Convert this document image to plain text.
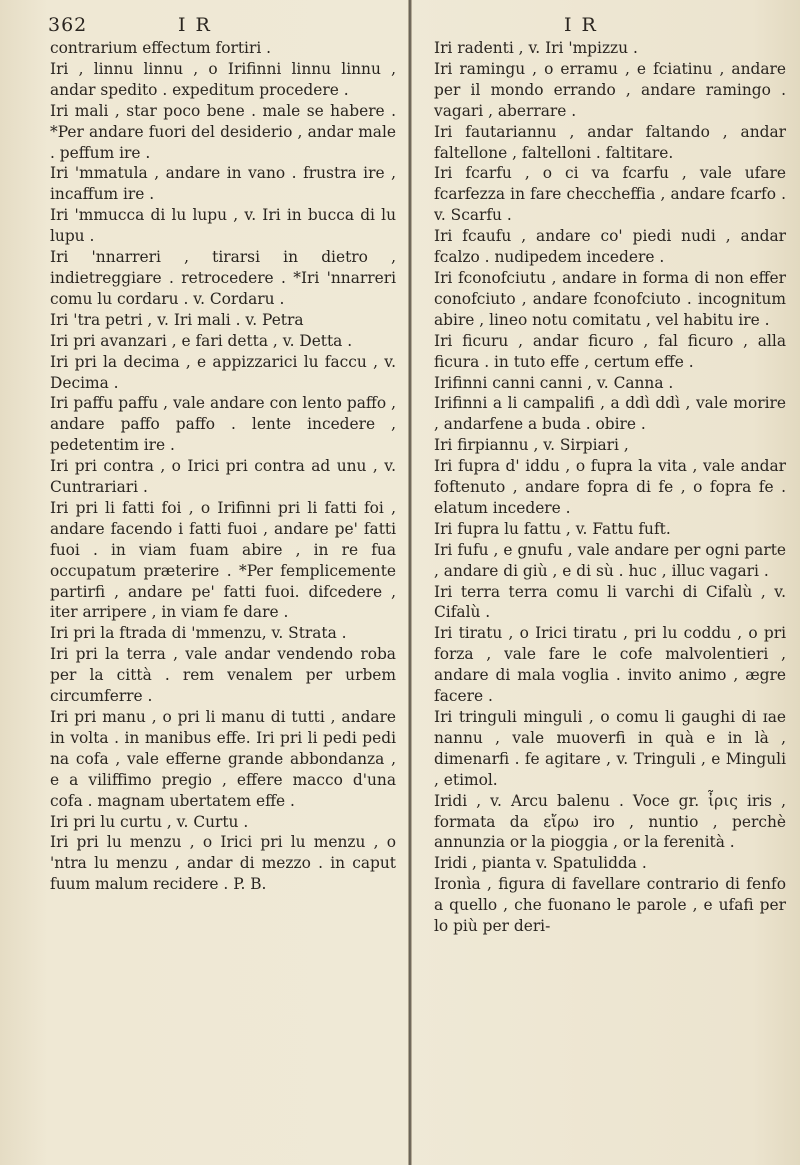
362	I R	I R

contrarium effectum fortiri .

Iri , linnu linnu , o Irifinni linnu linnu , andar spedito . expeditum procedere .

Iri mali , star poco bene . male se habere . *Per andare fuori del desiderio , andar male . peffum ire .

Iri 'mmatula , andare in vano . frustra ire , incaffum ire .

Iri 'mmucca di lu lupu , v. Iri in bucca di lu lupu .

Iri 'nnarreri , tirarsi in dietro , indietreggiare . retrocedere . *Iri 'nnarreri comu lu cordaru . v. Cordaru .

Iri 'tra petri , v. Iri mali . v. Petra

Iri pri avanzari , e fari detta , v. Detta .

Iri pri la decima , e appizzarici lu faccu , v. Decima .

Iri paffu paffu , vale andare con lento paffo , andare paffo paffo . lente incedere , pedetentim ire .

Iri pri contra , o Irici pri contra ad unu , v. Cuntrariari .

Iri pri li fatti foi , o Irifinni pri li fatti foi , andare facendo i fatti fuoi , andare pe' fatti fuoi . in viam fuam abire , in re fua occupatum præterire . *Per femplicemente partirfi , andare pe' fatti fuoi. difcedere , iter arripere , in viam fe dare .

Iri pri la ftrada di 'mmenzu, v. Strata .

Iri pri la terra , vale andar vendendo roba per la città . rem venalem per urbem circumferre .

Iri pri manu , o pri li manu di tutti , andare in volta . in manibus effe. Iri pri li pedi pedi na cofa , vale efferne grande abbondanza , e a viliffimo pregio , effere macco d'una cofa . magnam ubertatem effe .

Iri pri lu curtu , v. Curtu .

Iri pri lu menzu , o Irici pri lu menzu , o 'ntra lu menzu , andar di mezzo . in caput fuum malum recidere . P. B.

Iri radenti , v. Iri 'mpizzu .

Iri ramingu , o erramu , e fciatinu , andare per il mondo errando , andare ramingo . vagari , aberrare .

Iri fautariannu , andar faltando , andar faltellone , faltelloni . faltitare.

Iri fcarfu , o ci va fcarfu , vale ufare fcarfezza in fare checcheffia , andare fcarfo . v. Scarfu .

Iri fcaufu , andare co' piedi nudi , andar fcalzo . nudipedem incedere .

Iri fconofciutu , andare in forma di non effer conofciuto , andare fconofciuto . incognitum abire , lineo notu comitatu , vel habitu ire .

Iri ficuru , andar ficuro , fal ficuro , alla ficura . in tuto effe , certum effe .

Irifinni canni canni , v. Canna .

Irifinni a li campalifi , a ddì ddì , vale morire , andarfene a buda . obire .

Iri firpiannu , v. Sirpiari ,

Iri fupra d' iddu , o fupra la vita , vale andar foftenuto , andare fopra di fe , o fopra fe . elatum incedere .

Iri fupra lu fattu , v. Fattu fuft.

Iri fufu , e gnufu , vale andare per ogni parte , andare di giù , e di sù . huc , illuc vagari .

Iri terra terra comu li varchi di Cifalù , v. Cifalù .

Iri tiratu , o Irici tiratu , pri lu coddu , o pri forza , vale fare le cofe malvolentieri , andare di mala voglia . invito animo , ægre facere .

Iri tringuli minguli , o comu li gaughi di ɪae nannu , vale muoverfi in quà e in là , dimenarfi . fe agitare , v. Tringuli , e Minguli , etimol.

Iridi , v. Arcu balenu . Voce gr. ἶρις iris , formata da εἴρω iro , nuntio , perchè annunzia or la pioggia , or la ferenità .

Iridi , pianta v. Spatulidda .

Ironìa , figura di favellare contrario di fenfo a quello , che fuonano le parole , e ufafi per lo più per deri-
